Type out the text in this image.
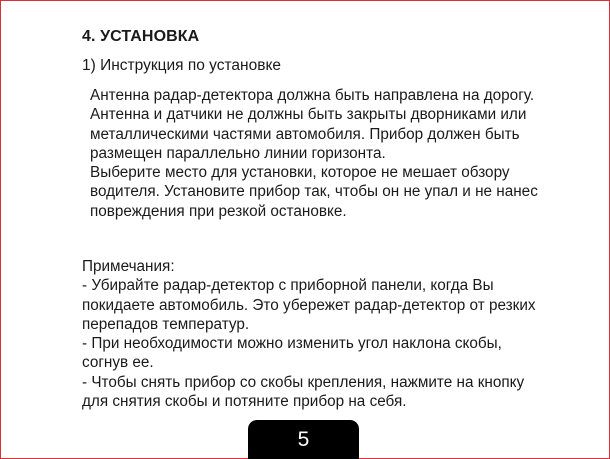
4. УСТАНОВКА
1) Инструкция по установке

Антенна радар-детектора должна быть направлена на дорогу. Антенна и датчики не должны быть закрыты дворниками или металлическими частями автомобиля. Прибор должен быть размещен параллельно линии горизонта.

Выберите место для установки, которое не мешает обзору водителя. Установите прибор так, чтобы он не упал и не нанес повреждения при резкой остановке.

Примечания:

- Убирайте радар-детектор с приборной панели, когда Вы покидаете автомобиль. Это убережет радар-детектор от резких перепадов температур.

- При необходимости можно изменить угол наклона скобы, согнув ее.

- Чтобы снять прибор со скобы крепления, нажмите на кнопку для снятия скобы и потяните прибор на себя.

5
